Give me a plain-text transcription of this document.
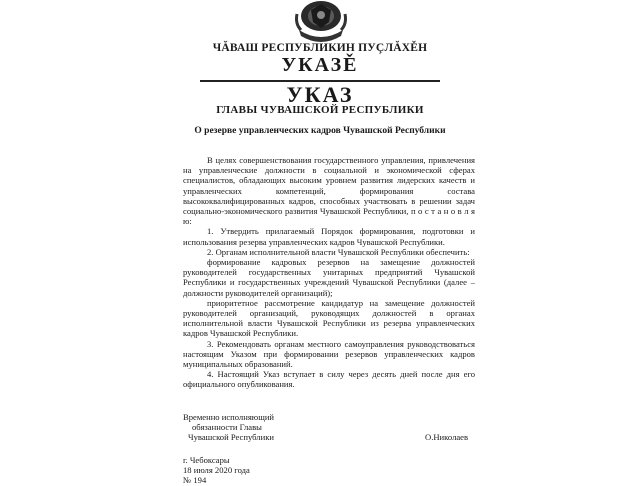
ЧĂВАШ РЕСПУБЛИКИН ПУÇЛĂХĚН
УКАЗĚ
УКАЗ
ГЛАВЫ ЧУВАШСКОЙ РЕСПУБЛИКИ
О резерве управленческих кадров Чувашской Республики

В целях совершенствования государственного управления, привлечения на управленческие должности в социальной и экономической сферах специалистов, обладающих высоким уровнем развития лидерских качеств и управленческих компетенций, формирования состава высококвалифицированных кадров, способных участвовать в решении задач социально-экономического развития Чувашской Республики, п о с т а н о в л я ю:

1. Утвердить прилагаемый Порядок формирования, подготовки и использования резерва управленческих кадров Чувашской Республики.

2. Органам исполнительной власти Чувашской Республики обеспечить:

формирование кадровых резервов на замещение должностей руководителей государственных унитарных предприятий Чувашской Республики и государственных учреждений Чувашской Республики (далее – должности руководителей организаций);

приоритетное рассмотрение кандидатур на замещение должностей руководителей организаций, руководящих должностей в органах исполнительной власти Чувашской Республики из резерва управленческих кадров Чувашской Республики.

3. Рекомендовать органам местного самоуправления руководствоваться настоящим Указом при формировании резервов управленческих кадров муниципальных образований.

4. Настоящий Указ вступает в силу через десять дней после дня его официального опубликования.

Временно исполняющий
обязанности Главы
Чувашской Республики	О.Николаев
г. Чебоксары
18 июля 2020 года
№ 194
